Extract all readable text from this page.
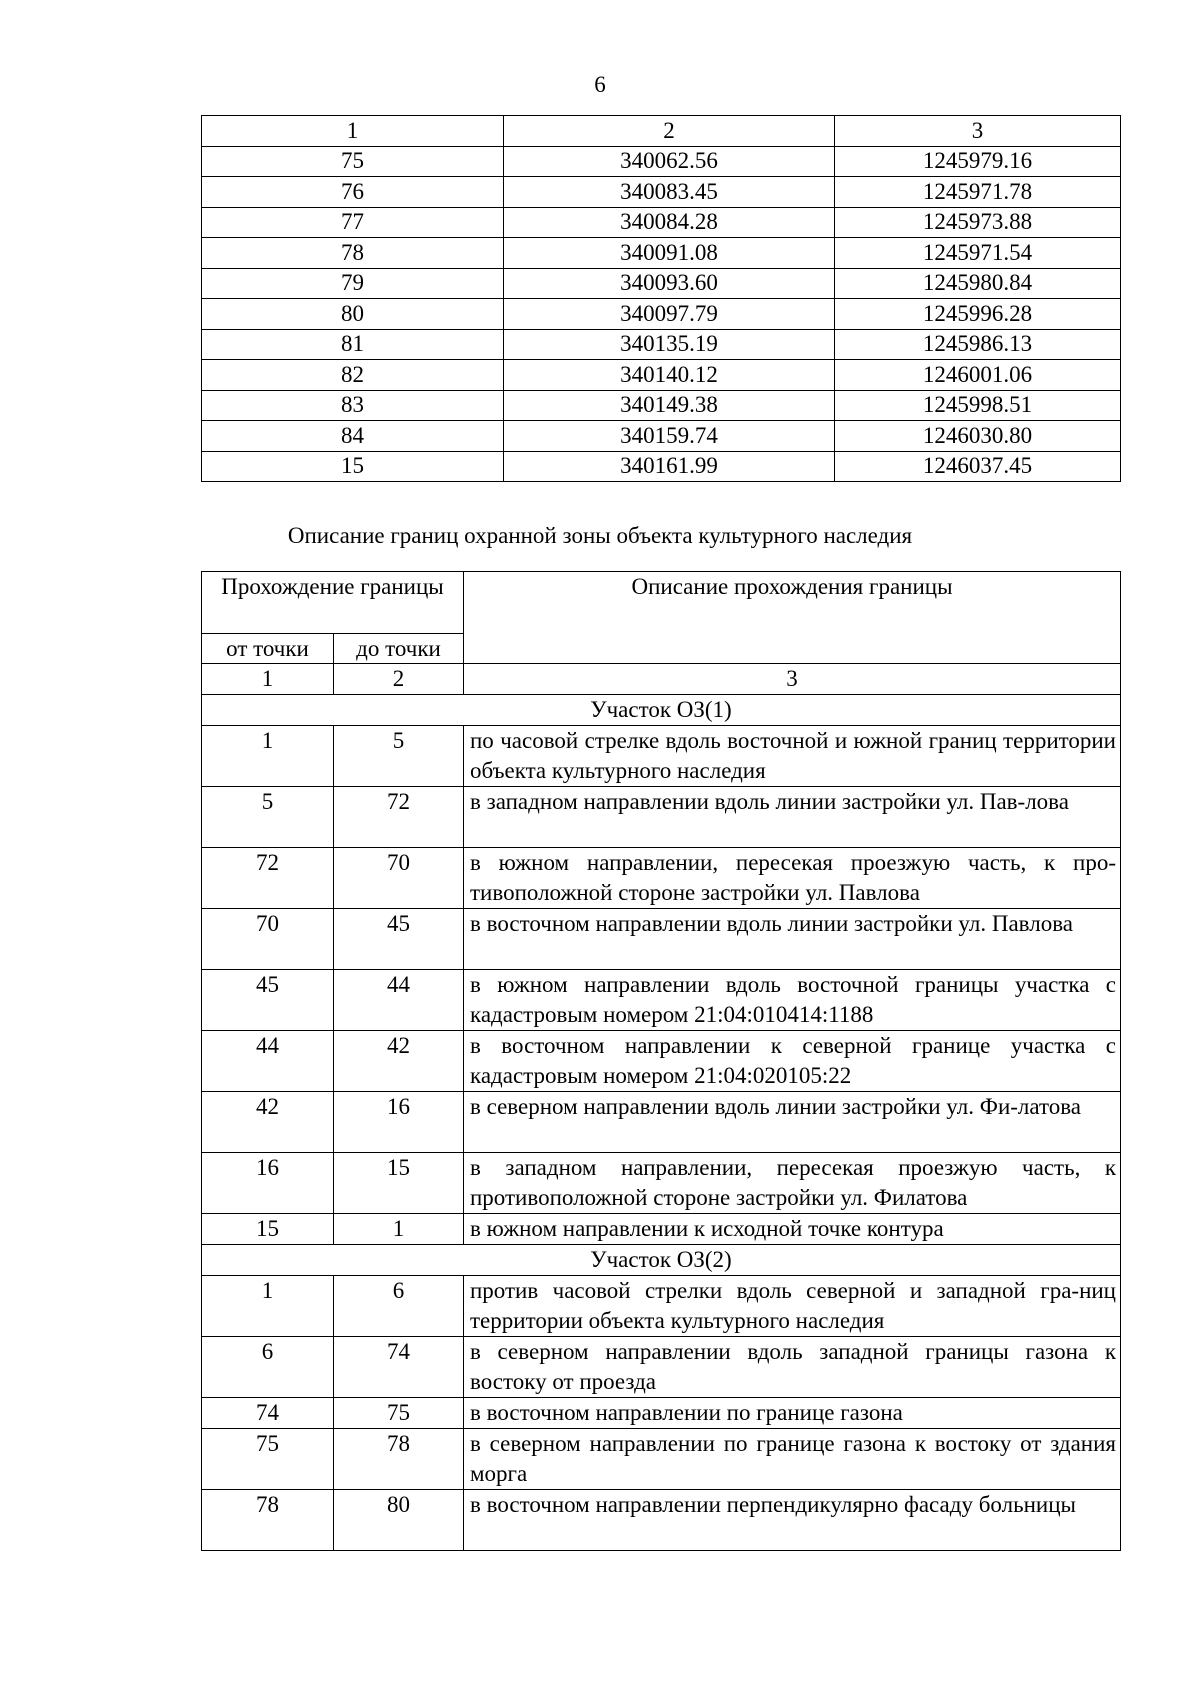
6
1	2	3
75	340062.56	1245979.16
76	340083.45	1245971.78
77	340084.28	1245973.88
78	340091.08	1245971.54
79	340093.60	1245980.84
80	340097.79	1245996.28
81	340135.19	1245986.13
82	340140.12	1246001.06
83	340149.38	1245998.51
84	340159.74	1246030.80
15	340161.99	1246037.45
Описание границ охранной зоны объекта культурного наследия
Прохождение границы		Описание прохождения границы
от точки	до точки	
1	2	3
Участок ОЗ(1)		
1	5	по часовой стрелке вдоль восточной и южной границ территории объекта культурного наследия
5	72	в западном направлении вдоль линии застройки ул. Пав-лова
72	70	в южном направлении, пересекая проезжую часть, к про-тивоположной стороне застройки ул. Павлова
70	45	в восточном направлении вдоль линии застройки ул. Павлова
45	44	в южном направлении вдоль восточной границы участка с кадастровым номером 21:04:010414:1188
44	42	в восточном направлении к северной границе участка с кадастровым номером 21:04:020105:22
42	16	в северном направлении вдоль линии застройки ул. Фи-латова
16	15	в западном направлении, пересекая проезжую часть, к противоположной стороне застройки ул. Филатова
15	1	в южном направлении к исходной точке контура
Участок ОЗ(2)		
1	6	против часовой стрелки вдоль северной и западной гра-ниц территории объекта культурного наследия
6	74	в северном направлении вдоль западной границы газона к востоку от проезда
74	75	в восточном направлении по границе газона
75	78	в северном направлении по границе газона к востоку от здания морга
78	80	в восточном направлении перпендикулярно фасаду больницы
